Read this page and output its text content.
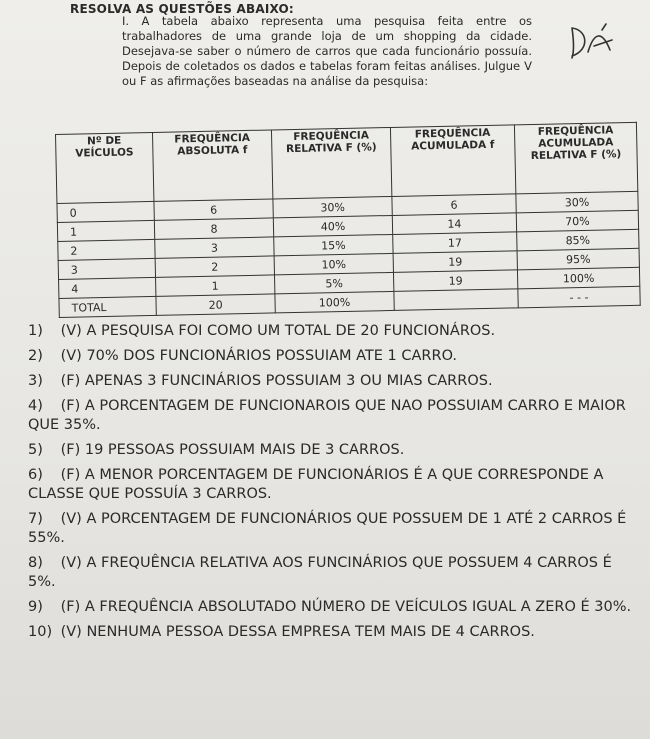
RESOLVA AS QUESTÕES ABAIXO:
I. A tabela abaixo representa uma pesquisa feita entre os trabalhadores de uma grande loja de um shopping da cidade. Desejava-se saber o número de carros que cada funcionário possuía. Depois de coletados os dados e tabelas foram feitas análises. Julgue V ou F as afirmações baseadas na análise da pesquisa:
Nº DE VEÍCULOS	FREQUÊNCIA ABSOLUTA f	FREQUÊNCIA RELATIVA F (%)	FREQUÊNCIA ACUMULADA f	FREQUÊNCIA ACUMULADA RELATIVA F (%)
0	6	30%	6	30%
1	8	40%	14	70%
2	3	15%	17	85%
3	2	10%	19	95%
4	1	5%	19	100%
TOTAL	20	100%		- - -
1) (V) A PESQUISA FOI COMO UM TOTAL DE 20 FUNCIONÁROS.
2) (V) 70% DOS FUNCIONÁRIOS POSSUIAM ATE 1 CARRO.
3) (F) APENAS 3 FUNCINÁRIOS POSSUIAM 3 OU MIAS CARROS.
4) (F) A PORCENTAGEM DE FUNCIONAROIS QUE NAO POSSUIAM CARRO E MAIOR QUE 35%.
5) (F) 19 PESSOAS POSSUIAM MAIS DE 3 CARROS.
6) (F) A MENOR PORCENTAGEM DE FUNCIONÁRIOS É A QUE CORRESPONDE A CLASSE QUE POSSUÍA 3 CARROS.
7) (V) A PORCENTAGEM DE FUNCIONÁRIOS QUE POSSUEM DE 1 ATÉ 2 CARROS É 55%.
8) (V) A FREQUÊNCIA RELATIVA AOS FUNCINÁRIOS QUE POSSUEM 4 CARROS É 5%.
9) (F) A FREQUÊNCIA ABSOLUTADO NÚMERO DE VEÍCULOS IGUAL A ZERO É 30%.
10) (V) NENHUMA PESSOA DESSA EMPRESA TEM MAIS DE 4 CARROS.
